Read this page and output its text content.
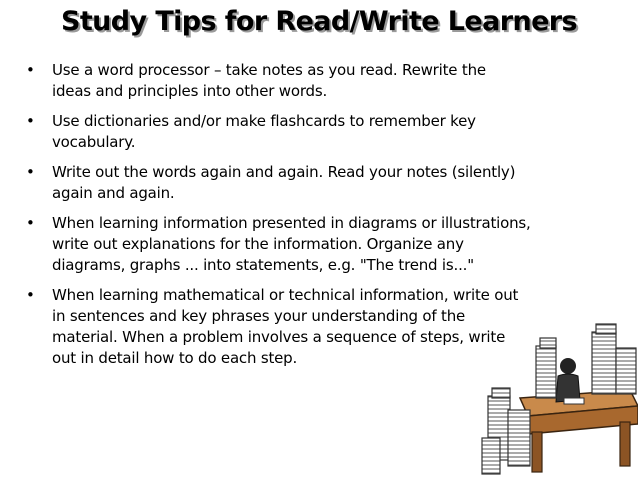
Study Tips for Read/Write Learners
• Use a word processor – take notes as you read. Rewrite the
ideas and principles into other words.
• Use dictionaries and/or make flashcards to remember key
vocabulary.
• Write out the words again and again. Read your notes (silently)
again and again.
• When learning information presented in diagrams or illustrations,
write out explanations for the information. Organize any
diagrams, graphs ... into statements, e.g. "The trend is..."
• When learning mathematical or technical information, write out
in sentences and key phrases your understanding of the
material. When a problem involves a sequence of steps, write
out in detail how to do each step.
